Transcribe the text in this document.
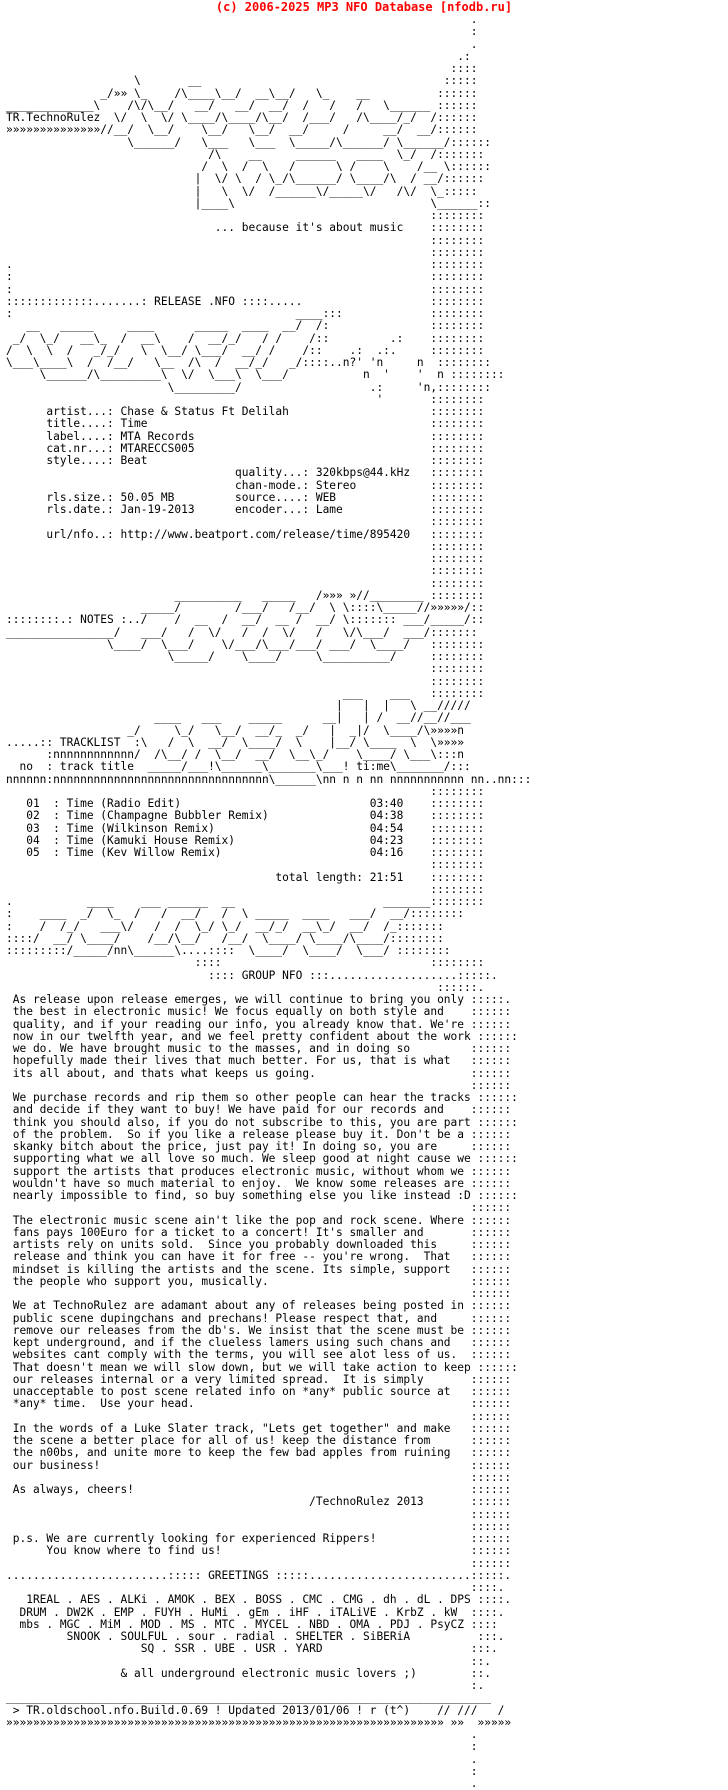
(c) 2006-2025 MP3 NFO Database [nfodb.ru]
.
:
.
.:
::::
\       __                                    :::::
_/»» \_    /\____\__/  __\__/   \_    __          ::::::
_____________\    /\/\__/   __/   __/  __/  /   /   /   \______ ::::::
TR.TechnoRulez  \/  \  \/ \____/\____/\__/  /___/   /\____/_/  /::::::
»»»»»»»»»»»»»»//__/  \__/    \__/   \__/  __/     /     __/  __/::::::
\______/   \___   \___  \_____/\______/ \______/::::::
/\    __     ______   ____  \_/  /:::::::
/  \  /  \   /      \ /    \    /__ \::::::
|  \/ \  / \_/\______/ \____/\  / __/::::::
|   \  \/  /______\/_____\/   /\/  \_:::::
|____\                             \______::
::::::::
... because it's about music    ::::::::
::::::::
::::::::
.                                                              ::::::::
:                                                              ::::::::
:                                                              ::::::::
:::::::::::::.......: RELEASE .NFO ::::.....                   ::::::::
:                                          ____:::             ::::::::
__   _____     ____      _____  ____  __/  /:               ::::::::
_/  \_/   __\_  /  __\    /  __/_/   / /    /::         .:    ::::::::
/  \  \  /   _/_/   \  \__/ \___/  __/ /    /::    .:  .:.     ::::::::
\___\____\  /  /__/   \__  /\  /  __/_/   _/::::..n?' 'n     n  ::::::::
\______/\_________\  \/  \___\  \___/           n  '    '  n ::::::::
\_________/                   .:     'n,::::::::
'       ::::::::
artist...: Chase & Status Ft Delilah                     ::::::::
title....: Time                                          ::::::::
label....: MTA Records                                   ::::::::
cat.nr...: MTARECCS005                                   ::::::::
style....: Beat                                          ::::::::
quality...: 320kbps@44.kHz   ::::::::
chan-mode.: Stereo           ::::::::
rls.size.: 50.05 MB         source....: WEB              ::::::::
rls.date.: Jan-19-2013      encoder...: Lame             ::::::::
::::::::
url/nfo..: http://www.beatport.com/release/time/895420   ::::::::
::::::::
::::::::
::::::::
::::::::
__________   _____   /»»» »//________ ::::::::
_____/        /___/   /__/  \ \::::\_____//»»»»»/::
::::::::.: NOTES :../    /  __  /  __/  __ /  __/ \::::::: ___/_____/::
________________/   ___/   /  \/   /  /  \/   /   \/\___/  ___/:::::::
\____/  \___/    \/___/\___/___/ ___/  \____/   ::::::::
\_____/    \____/     \__________/     ::::::::
::::::::
::::::::
___    ___   ::::::::
|   |  |   \ __/////
____   ___    _____      __|   | /  __//__//___
_/     \_/   \__/  __/_  _/   |  _|/  \____/\»»»»n
.....:: TRACKLIST  :\   /  \  __/  \____/  \    |__/ \____  \  \»»»»
:nnnnnnnnnnnn/  /\__/ /  \__/  __/  \__\_/    \____/ \___\:::n
no  : track title  _____/___!\______\_______\___! ti:me\_______/:::
nnnnnn:nnnnnnnnnnnnnnnnnnnnnnnnnnnnnnnn\______\nn n n nn nnnnnnnnnnn nn..nn:::
::::::::
01  : Time (Radio Edit)                            03:40    ::::::::
02  : Time (Champagne Bubbler Remix)               04:38    ::::::::
03  : Time (Wilkinson Remix)                       04:54    ::::::::
04  : Time (Kamuki House Remix)                    04:23    ::::::::
05  : Time (Kev Willow Remix)                      04:16    ::::::::
::::::::
total length: 21:51    ::::::::
::::::::
.           ____    ___ ______  __                      _______::::::::
:    ____  _/  \_  /   /  __/   /  \ _____  ____   ___/  __/::::::::
:    /  /_/   ___\/   /  /  \_/ \_/  __/_/  __\_/  __/  /_:::::::
::::/  __/ \____/    /__/\__/   /__/  \____/ \____/\____/::::::::
:::::::::/_____/nn\______\....::::  \____/  \____/  \___/ ::::::::
::::                               ::::::::
:::: GROUP NFO :::...................:::::.
::::::.
As release upon release emerges, we will continue to bring you only :::::.
the best in electronic music! We focus equally on both style and    ::::::
quality, and if your reading our info, you already know that. We're ::::::
now in our twelfth year, and we feel pretty confident about the work ::::::
we do. We have brought music to the masses, and in doing so         ::::::
hopefully made their lives that much better. For us, that is what   ::::::
its all about, and thats what keeps us going.                       ::::::
::::::
We purchase records and rip them so other people can hear the tracks ::::::
and decide if they want to buy! We have paid for our records and    ::::::
think you should also, if you do not subscribe to this, you are part ::::::
of the problem.  So if you like a release please buy it. Don't be a ::::::
skanky bitch about the price, just pay it! In doing so, you are     ::::::
supporting what we all love so much. We sleep good at night cause we ::::::
support the artists that produces electronic music, without whom we ::::::
wouldn't have so much material to enjoy.  We know some releases are ::::::
nearly impossible to find, so buy something else you like instead :D ::::::
::::::
The electronic music scene ain't like the pop and rock scene. Where ::::::
fans pays 100Euro for a ticket to a concert! It's smaller and       ::::::
artists rely on units sold.  Since you probably downloaded this     ::::::
release and think you can have it for free -- you're wrong.  That   ::::::
mindset is killing the artists and the scene. Its simple, support   ::::::
the people who support you, musically.                              ::::::
::::::
We at TechnoRulez are adamant about any of releases being posted in ::::::
public scene dupingchans and prechans! Please respect that, and     ::::::
remove our releases from the db's. We insist that the scene must be ::::::
kept underground, and if the clueless lamers using such chans and   ::::::
websites cant comply with the terms, you will see alot less of us.  ::::::
That doesn't mean we will slow down, but we will take action to keep ::::::
our releases internal or a very limited spread.  It is simply       ::::::
unacceptable to post scene related info on *any* public source at   ::::::
*any* time.  Use your head.                                         ::::::
::::::
In the words of a Luke Slater track, "Lets get together" and make   ::::::
the scene a better place for all of us! keep the distance from      ::::::
the n00bs, and unite more to keep the few bad apples from ruining   ::::::
our business!                                                       ::::::
::::::
As always, cheers!                                                  ::::::
/TechnoRulez 2013       ::::::
::::::
::::::
p.s. We are currently looking for experienced Rippers!              ::::::
You know where to find us!                                     ::::::
::::::
........................::::: GREETINGS :::::........................:::::.
::::.
1REAL . AES . ALKi . AMOK . BEX . BOSS . CMC . CMG . dh . dL . DPS ::::.
DRUM . DW2K . EMP . FUYH . HuMi . gEm . iHF . iTALiVE . KrbZ . kW  ::::.
mbs . MGC . MiM . MOD . MS . MTC . MYCEL . NBD . OMA . PDJ . PsyCZ ::::
SNOOK . SOULFUL . sour . radial . SHELTER . SiBERiA          :::.
SQ . SSR . UBE . USR . YARD                      :::.
::.
& all underground electronic music lovers ;)        ::.
:.
________________________________________________________________________
> TR.oldschool.nfo.Build.0.69 ! Updated 2013/01/06 ! r (t^)    // ///   /
»»»»»»»»»»»»»»»»»»»»»»»»»»»»»»»»»»»»»»»»»»»»»»»»»»»»»»»»»»»»»»»»» »»  »»»»»
.
:
.
:
.
